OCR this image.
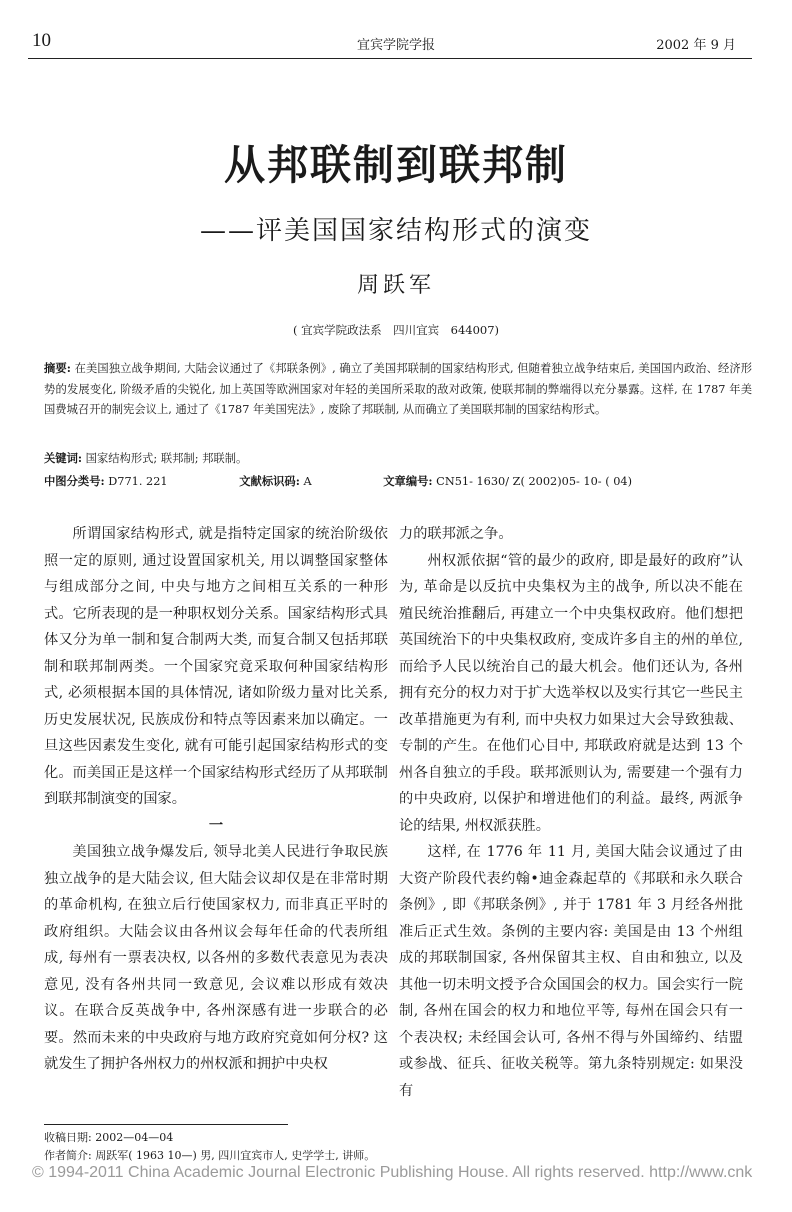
10	宜宾学院学报	2002 年 9 月
从邦联制到联邦制
——评美国国家结构形式的演变
周跃军
( 宜宾学院政法系　四川宜宾　644007)
摘要: 在美国独立战争期间, 大陆会议通过了《邦联条例》, 确立了美国邦联制的国家结构形式, 但随着独立战争结束后, 美国国内政治、经济形势的发展变化, 阶级矛盾的尖锐化, 加上英国等欧洲国家对年轻的美国所采取的敌对政策, 使联邦制的弊端得以充分暴露。这样, 在 1787 年美国费城召开的制宪会议上, 通过了《1787 年美国宪法》, 废除了邦联制, 从而确立了美国联邦制的国家结构形式。
关键词: 国家结构形式; 联邦制; 邦联制。
中图分类号: D771. 221	文献标识码: A	文章编号: CN51- 1630/ Z( 2002)05- 10- ( 04)

所谓国家结构形式, 就是指特定国家的统治阶级依照一定的原则, 通过设置国家机关, 用以调整国家整体与组成部分之间, 中央与地方之间相互关系的一种形式。它所表现的是一种职权划分关系。国家结构形式具体又分为单一制和复合制两大类, 而复合制又包括邦联制和联邦制两类。一个国家究竟采取何种国家结构形式, 必须根据本国的具体情况, 诸如阶级力量对比关系, 历史发展状况, 民族成份和特点等因素来加以确定。一旦这些因素发生变化, 就有可能引起国家结构形式的变化。而美国正是这样一个国家结构形式经历了从邦联制到联邦制演变的国家。

一

美国独立战争爆发后, 领导北美人民进行争取民族独立战争的是大陆会议, 但大陆会议却仅是在非常时期的革命机构, 在独立后行使国家权力, 而非真正平时的政府组织。大陆会议由各州议会每年任命的代表所组成, 每州有一票表决权, 以各州的多数代表意见为表决意见, 没有各州共同一致意见, 会议难以形成有效决议。在联合反英战争中, 各州深感有进一步联合的必要。然而未来的中央政府与地方政府究竟如何分权? 这就发生了拥护各州权力的州权派和拥护中央权

力的联邦派之争。

州权派依据“管的最少的政府, 即是最好的政府”认为, 革命是以反抗中央集权为主的战争, 所以决不能在殖民统治推翻后, 再建立一个中央集权政府。他们想把英国统治下的中央集权政府, 变成许多自主的州的单位, 而给予人民以统治自己的最大机会。他们还认为, 各州拥有充分的权力对于扩大选举权以及实行其它一些民主改革措施更为有利, 而中央权力如果过大会导致独裁、专制的产生。在他们心目中, 邦联政府就是达到 13 个州各自独立的手段。联邦派则认为, 需要建一个强有力的中央政府, 以保护和增进他们的利益。最终, 两派争论的结果, 州权派获胜。

这样, 在 1776 年 11 月, 美国大陆会议通过了由大资产阶段代表约翰•迪金森起草的《邦联和永久联合条例》, 即《邦联条例》, 并于 1781 年 3 月经各州批准后正式生效。条例的主要内容: 美国是由 13 个州组成的邦联制国家, 各州保留其主权、自由和独立, 以及其他一切未明文授予合众国国会的权力。国会实行一院制, 各州在国会的权力和地位平等, 每州在国会只有一个表决权; 未经国会认可, 各州不得与外国缔约、结盟或参战、征兵、征收关税等。第九条特别规定: 如果没有

收稿日期: 2002—04—04
作者简介: 周跃军( 1963 10—) 男, 四川宜宾市人, 史学学士, 讲师。
© 1994-2011 China Academic Journal Electronic Publishing House. All rights reserved. http://www.cnk
